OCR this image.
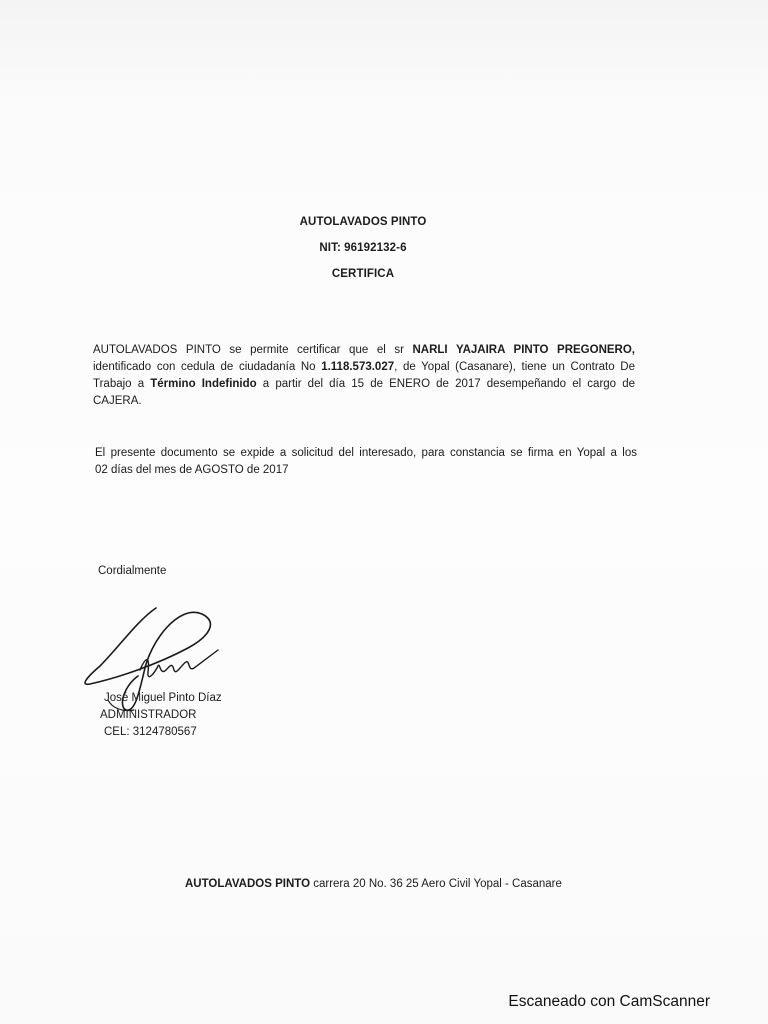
AUTOLAVADOS PINTO
NIT: 96192132-6
CERTIFICA
AUTOLAVADOS PINTO se permite certificar que el sr NARLI YAJAIRA PINTO PREGONERO,
identificado con cedula de ciudadanía No 1.118.573.027, de Yopal (Casanare), tiene un Contrato De
Trabajo a Término Indefinido a partir del día 15 de ENERO de 2017 desempeñando el cargo de
CAJERA.
El presente documento se expide a solicitud del interesado, para constancia se firma en Yopal a los
02 días del mes de AGOSTO de 2017
Cordialmente
José Miguel Pinto Díaz
ADMINISTRADOR
CEL: 3124780567
AUTOLAVADOS PINTO carrera 20 No. 36 25 Aero Civil Yopal - Casanare
Escaneado con CamScanner
